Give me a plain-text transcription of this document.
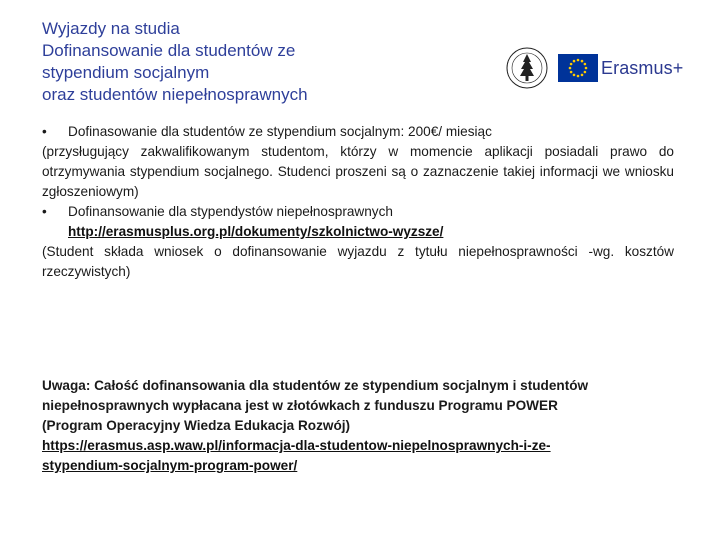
Wyjazdy na studia
Dofinansowanie dla studentów ze
stypendium socjalnym
oraz studentów niepełnosprawnych
Erasmus+
•	Dofinasowanie dla studentów ze stypendium socjalnym: 200€/ miesiąc

(przysługujący zakwalifikowanym studentom, którzy w momencie aplikacji posiadali prawo do otrzymywania stypendium socjalnego. Studenci proszeni są o zaznaczenie takiej informacji we wniosku zgłoszeniowym)

•	Dofinansowanie dla stypendystów niepełnosprawnych
http://erasmusplus.org.pl/dokumenty/szkolnictwo-wyzsze/

(Student składa wniosek o dofinansowanie wyjazdu z tytułu niepełnosprawności -wg. kosztów rzeczywistych)

Uwaga: Całość dofinansowania dla studentów ze stypendium socjalnym i studentów

niepełnosprawnych wypłacana jest w złotówkach z funduszu Programu POWER

(Program Operacyjny Wiedza Edukacja Rozwój)

https://erasmus.asp.waw.pl/informacja-dla-studentow-niepelnosprawnych-i-ze-

stypendium-socjalnym-program-power/
